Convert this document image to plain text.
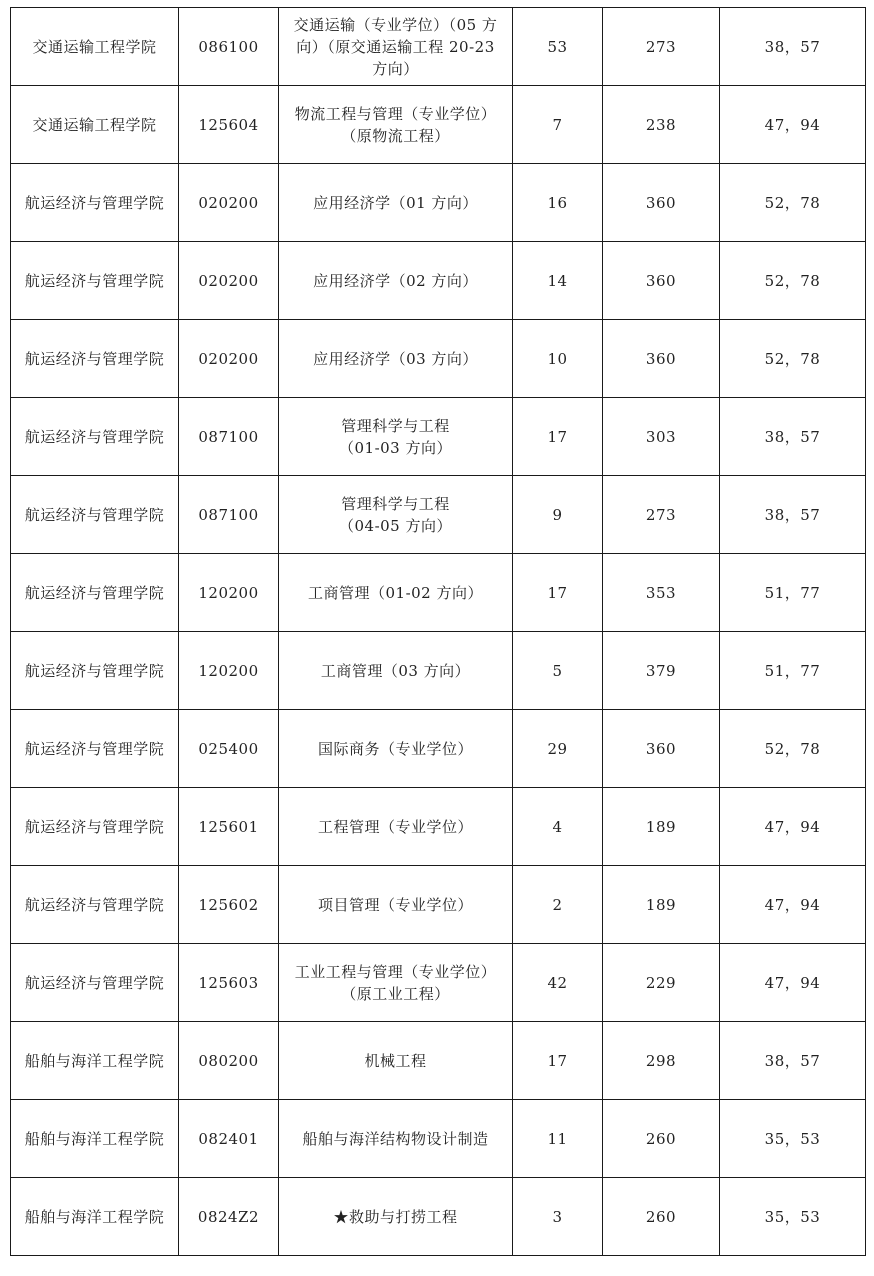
交通运输工程学院	086100	交通运输（专业学位）（05 方
向）（原交通运输工程 20-23
方向）	53	273	38，57
交通运输工程学院	125604	物流工程与管理（专业学位）
（原物流工程）	7	238	47，94
航运经济与管理学院	020200	应用经济学（01 方向）	16	360	52，78
航运经济与管理学院	020200	应用经济学（02 方向）	14	360	52，78
航运经济与管理学院	020200	应用经济学（03 方向）	10	360	52，78
航运经济与管理学院	087100	管理科学与工程
（01-03 方向）	17	303	38，57
航运经济与管理学院	087100	管理科学与工程
（04-05 方向）	9	273	38，57
航运经济与管理学院	120200	工商管理（01-02 方向）	17	353	51，77
航运经济与管理学院	120200	工商管理（03 方向）	5	379	51，77
航运经济与管理学院	025400	国际商务（专业学位）	29	360	52，78
航运经济与管理学院	125601	工程管理（专业学位）	4	189	47，94
航运经济与管理学院	125602	项目管理（专业学位）	2	189	47，94
航运经济与管理学院	125603	工业工程与管理（专业学位）
（原工业工程）	42	229	47，94
船舶与海洋工程学院	080200	机械工程	17	298	38，57
船舶与海洋工程学院	082401	船舶与海洋结构物设计制造	11	260	35，53
船舶与海洋工程学院	0824Z2	★救助与打捞工程	3	260	35，53
